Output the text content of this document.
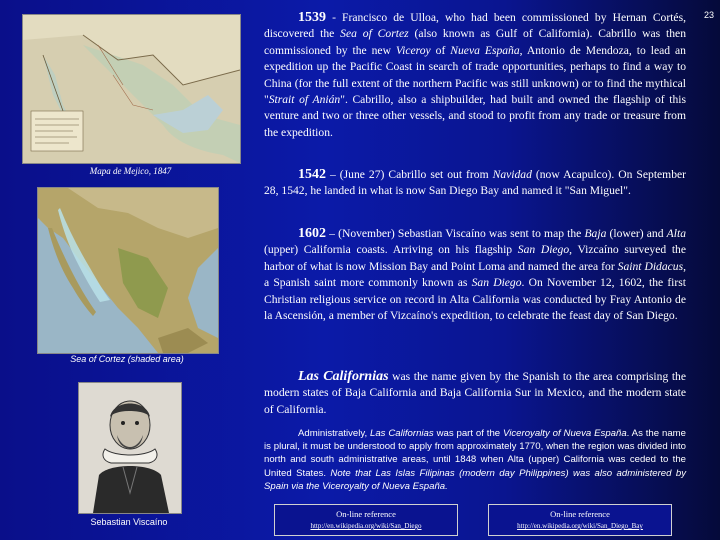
23
Mapa de Mejico, 1847
Sea of Cortez (shaded area)
Sebastian Viscaíno
1539 - Francisco de Ulloa, who had been commissioned by Hernan Cortés, discovered the Sea of Cortez (also known as Gulf of California). Cabrillo was then commissioned by the new Viceroy of Nueva España, Antonio de Mendoza, to lead an expedition up the Pacific Coast in search of trade opportunities, perhaps to find a way to China (for the full extent of the northern Pacific was still unknown) or to find the mythical "Strait of Anián". Cabrillo, also a shipbuilder, had built and owned the flagship of this venture and two or three other vessels, and stood to profit from any trade or treasure from the expedition.
1542 – (June 27) Cabrillo set out from Navidad (now Acapulco). On September 28, 1542, he landed in what is now San Diego Bay and named it "San Miguel".
1602 – (November) Sebastian Viscaíno was sent to map the Baja (lower) and Alta (upper) California coasts. Arriving on his flagship San Diego, Vizcaíno surveyed the harbor of what is now Mission Bay and Point Loma and named the area for Saint Didacus, a Spanish saint more commonly known as San Diego. On November 12, 1602, the first Christian religious service on record in Alta California was conducted by Fray Antonio de la Ascensión, a member of Vizcaíno's expedition, to celebrate the feast day of San Diego.
Las Californias was the name given by the Spanish to the area comprising the modern states of Baja California and Baja California Sur in Mexico, and the modern state of California.
Administratively, Las Californias was part of the Viceroyalty of Nueva España. As the name is plural, it must be understood to apply from approximately 1770, when the region was divided into north and south administrative areas, until 1848 when Alta (upper) California was ceded to the United States. Note that Las Islas Filipinas (modern day Philippines) was also administered by Spain via the Viceroyalty of Nueva España.
On-line reference
http://en.wikipedia.org/wiki/San_Diego
On-line reference
http://en.wikipedia.org/wiki/San_Diego_Bay
